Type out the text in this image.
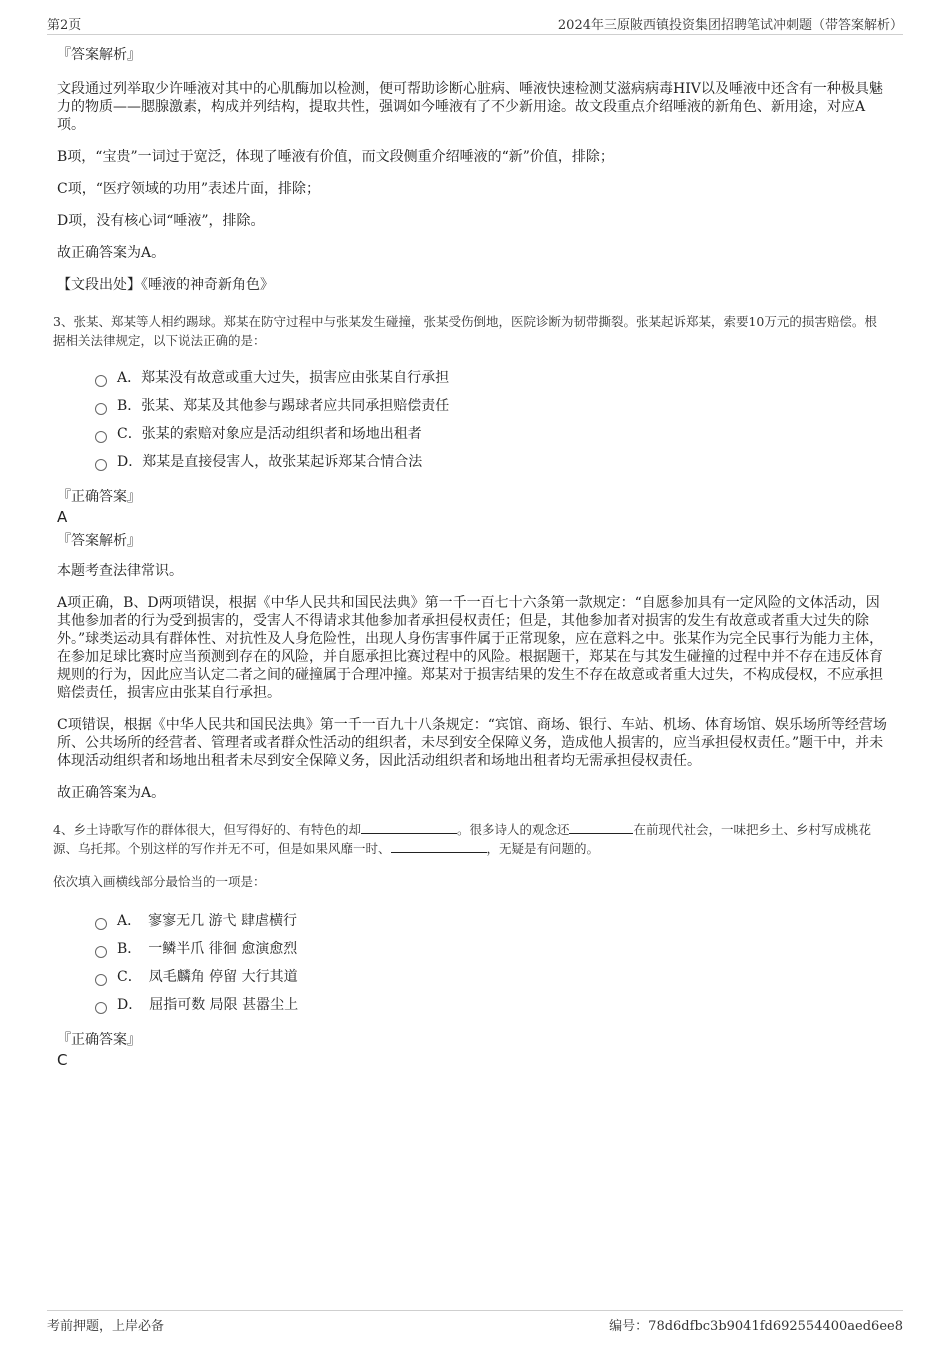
第2页	2024年三原陂西镇投资集团招聘笔试冲刺题（带答案解析）

『答案解析』

文段通过列举取少许唾液对其中的心肌酶加以检测，便可帮助诊断心脏病、唾液快速检测艾滋病病毒HIV以及唾液中还含有一种极具魅力的物质——腮腺激素，构成并列结构，提取共性，强调如今唾液有了不少新用途。故文段重点介绍唾液的新角色、新用途，对应A项。

B项，“宝贵”一词过于宽泛，体现了唾液有价值，而文段侧重介绍唾液的“新”价值，排除；

C项，“医疗领域的功用”表述片面，排除；

D项，没有核心词“唾液”，排除。

故正确答案为A。

【文段出处】《唾液的神奇新角色》

3、张某、郑某等人相约踢球。郑某在防守过程中与张某发生碰撞，张某受伤倒地，医院诊断为韧带撕裂。张某起诉郑某，索要10万元的损害赔偿。根据相关法律规定，以下说法正确的是：

A．郑某没有故意或重大过失，损害应由张某自行承担
B．张某、郑某及其他参与踢球者应共同承担赔偿责任
C．张某的索赔对象应是活动组织者和场地出租者
D．郑某是直接侵害人，故张某起诉郑某合情合法

『正确答案』

A

『答案解析』

本题考查法律常识。

A项正确，B、D两项错误，根据《中华人民共和国民法典》第一千一百七十六条第一款规定：“自愿参加具有一定风险的文体活动，因其他参加者的行为受到损害的，受害人不得请求其他参加者承担侵权责任；但是，其他参加者对损害的发生有故意或者重大过失的除外。”球类运动具有群体性、对抗性及人身危险性，出现人身伤害事件属于正常现象，应在意料之中。张某作为完全民事行为能力主体，在参加足球比赛时应当预测到存在的风险，并自愿承担比赛过程中的风险。根据题干，郑某在与其发生碰撞的过程中并不存在违反体育规则的行为，因此应当认定二者之间的碰撞属于合理冲撞。郑某对于损害结果的发生不存在故意或者重大过失，不构成侵权，不应承担赔偿责任，损害应由张某自行承担。

C项错误，根据《中华人民共和国民法典》第一千一百九十八条规定：“宾馆、商场、银行、车站、机场、体育场馆、娱乐场所等经营场所、公共场所的经营者、管理者或者群众性活动的组织者，未尽到安全保障义务，造成他人损害的，应当承担侵权责任。”题干中，并未体现活动组织者和场地出租者未尽到安全保障义务，因此活动组织者和场地出租者均无需承担侵权责任。

故正确答案为A。

4、乡土诗歌写作的群体很大，但写得好的、有特色的却	。很多诗人的观念还	在前现代社会，一味把乡土、乡村写成桃花源、乌托邦。个别这样的写作并无不可，但是如果风靡一时、	，无疑是有问题的。

依次填入画横线部分最恰当的一项是：

A．　寥寥无几 游弋 肆虐横行
B．　一鳞半爪 徘徊 愈演愈烈
C．　凤毛麟角 停留 大行其道
D．　屈指可数 局限 甚嚣尘上

『正确答案』

C

考前押题，上岸必备	编号：78d6dfbc3b9041fd692554400aed6ee8
